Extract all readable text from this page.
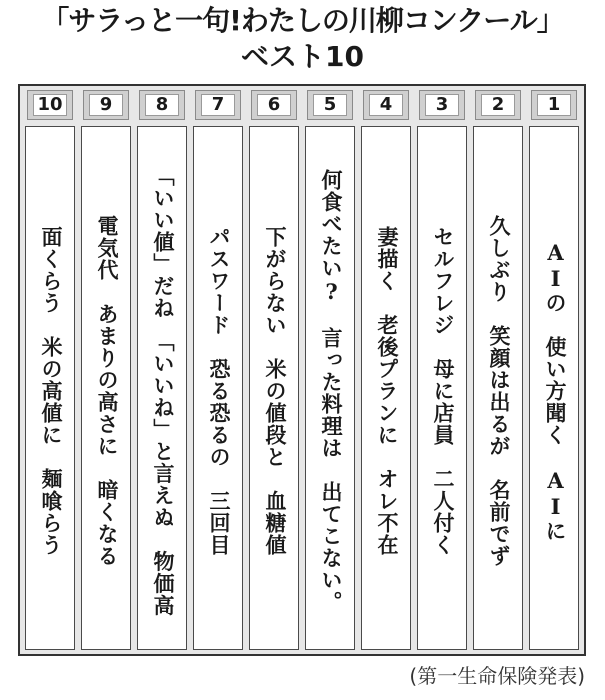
「サラっと一句!わたしの川柳コンクール」
ベスト10
10
面くらう　米の高値に　麺喰らう
9
電気代　あまりの高さに　暗くなる
8
「いい値」だね　「いいね」と言えぬ　物価高
7
パスワード　恐る恐るの　三回目
6
下がらない　米の値段と　血糖値
5
何食べたい?　言った料理は　出てこない。
4
妻描く　老後プランに　オレ不在
3
セルフレジ　母に店員　二人付く
2
久しぶり　笑顔は出るが　名前でず
1
AIの　使い方聞く　AIに
(第一生命保険発表)
